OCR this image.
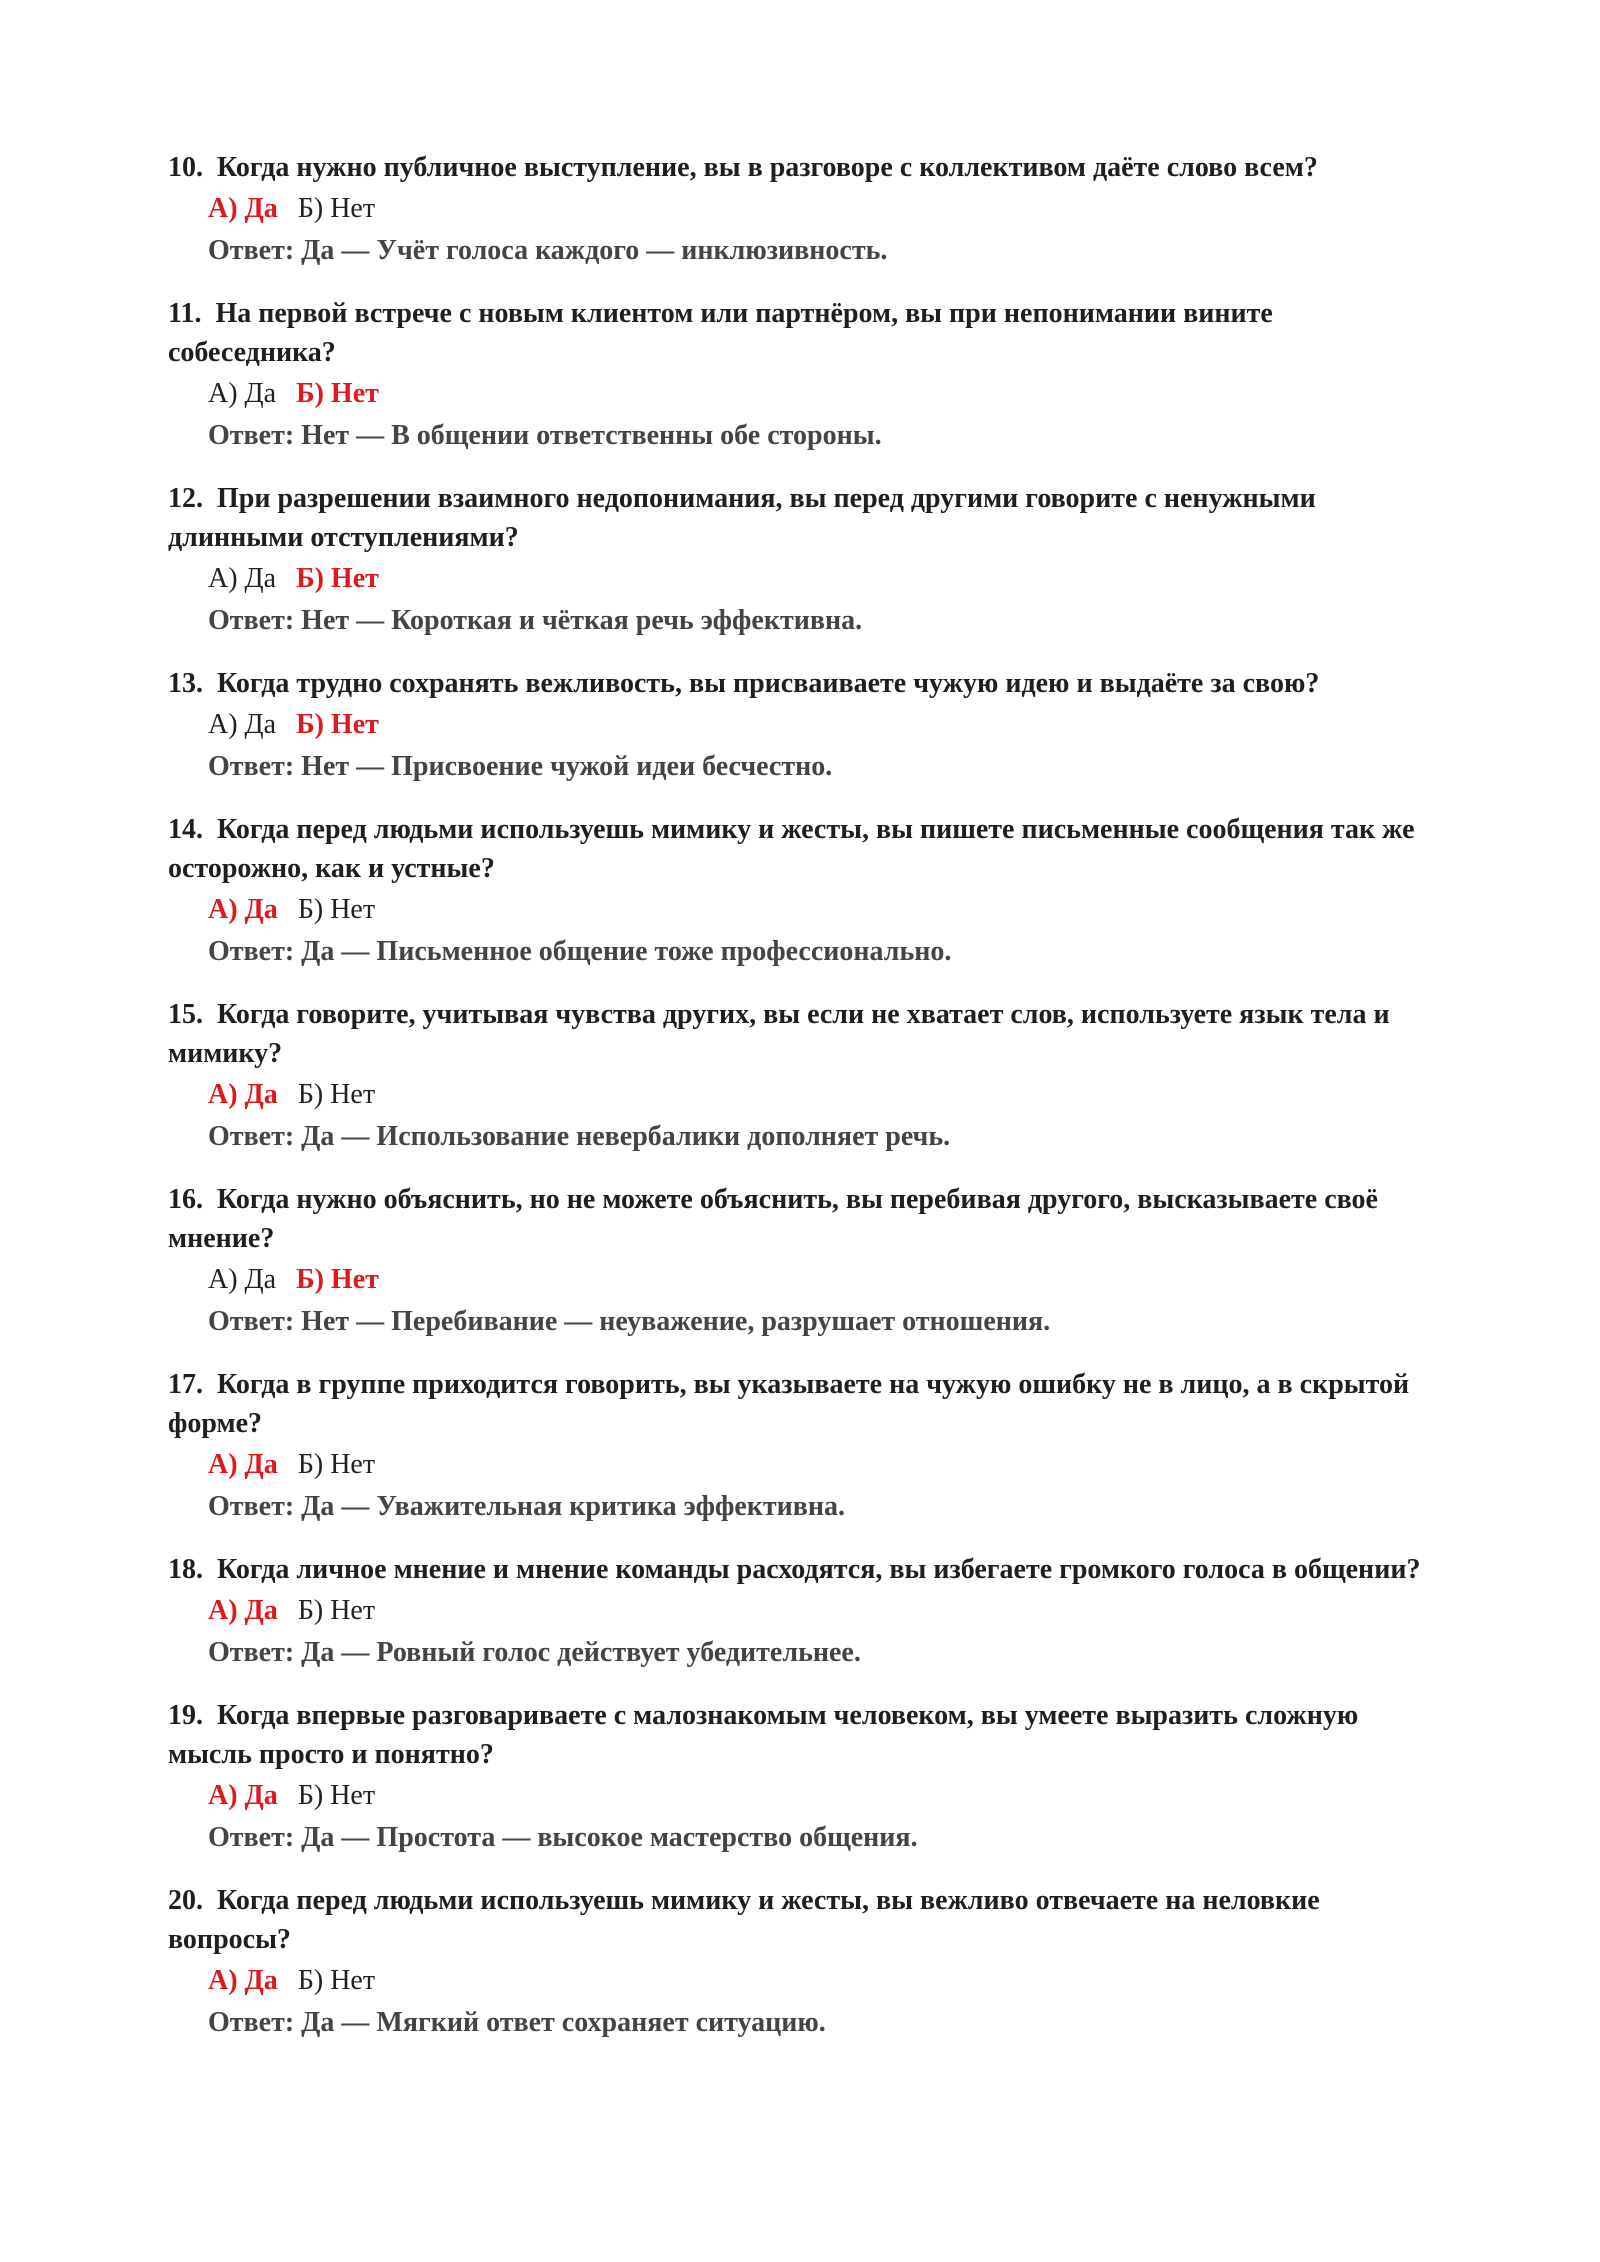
10. Когда нужно публичное выступление, вы в разговоре с коллективом даёте слово всем?

А) Да Б) Нет
Ответ: Да — Учёт голоса каждого — инклюзивность.

11. На первой встрече с новым клиентом или партнёром, вы при непонимании вините собеседника?

А) Да Б) Нет
Ответ: Нет — В общении ответственны обе стороны.

12. При разрешении взаимного недопонимания, вы перед другими говорите с ненужными длинными отступлениями?

А) Да Б) Нет
Ответ: Нет — Короткая и чёткая речь эффективна.

13. Когда трудно сохранять вежливость, вы присваиваете чужую идею и выдаёте за свою?

А) Да Б) Нет
Ответ: Нет — Присвоение чужой идеи бесчестно.

14. Когда перед людьми используешь мимику и жесты, вы пишете письменные сообщения так же осторожно, как и устные?

А) Да Б) Нет
Ответ: Да — Письменное общение тоже профессионально.

15. Когда говорите, учитывая чувства других, вы если не хватает слов, используете язык тела и мимику?

А) Да Б) Нет
Ответ: Да — Использование невербалики дополняет речь.

16. Когда нужно объяснить, но не можете объяснить, вы перебивая другого, высказываете своё мнение?

А) Да Б) Нет
Ответ: Нет — Перебивание — неуважение, разрушает отношения.

17. Когда в группе приходится говорить, вы указываете на чужую ошибку не в лицо, а в скрытой форме?

А) Да Б) Нет
Ответ: Да — Уважительная критика эффективна.

18. Когда личное мнение и мнение команды расходятся, вы избегаете громкого голоса в общении?

А) Да Б) Нет
Ответ: Да — Ровный голос действует убедительнее.

19. Когда впервые разговариваете с малознакомым человеком, вы умеете выразить сложную мысль просто и понятно?

А) Да Б) Нет
Ответ: Да — Простота — высокое мастерство общения.

20. Когда перед людьми используешь мимику и жесты, вы вежливо отвечаете на неловкие вопросы?

А) Да Б) Нет
Ответ: Да — Мягкий ответ сохраняет ситуацию.
